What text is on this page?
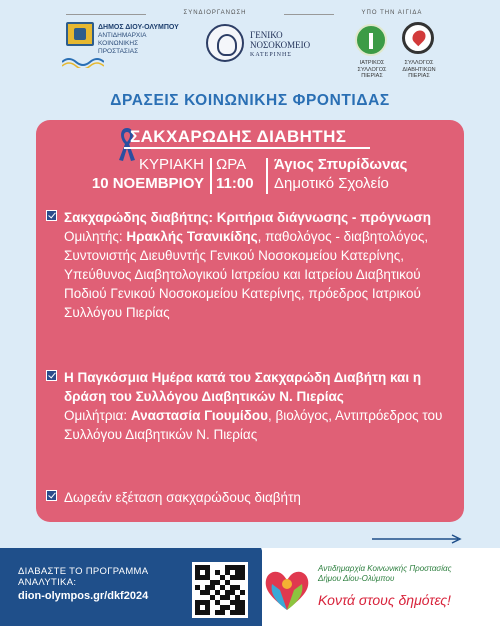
ΣΥΝΔΙΟΡΓΑΝΩΣΗ	ΥΠΟ ΤΗΝ ΑΙΓΙΔΑ
ΔΗΜΟΣ ΔΙΟΥ-ΟΛΥΜΠΟΥ
ΑΝΤΙΔΗΜΑΡΧΙΑ
ΚΟΙΝΩΝΙΚΗΣ
ΠΡΟΣΤΑΣΙΑΣ
ΓΕΝΙΚΟ
ΝΟΣΟΚΟΜΕΙΟ
ΚΑΤΕΡΙΝΗΣ
ΙΑΤΡΙΚΟΣ
ΣΥΛΛΟΓΟΣ
ΠΙΕΡΙΑΣ
ΣΥΛΛΟΓΟΣ
ΔΙΑΒΗΤΙΚΩΝ
ΠΙΕΡΙΑΣ
ΔΡΑΣΕΙΣ ΚΟΙΝΩΝΙΚΗΣ ΦΡΟΝΤΙΔΑΣ
ΣΑΚΧΑΡΩΔΗΣ ΔΙΑΒΗΤΗΣ
ΚΥΡΙΑΚΗ
10 ΝΟΕΜΒΡΙΟΥ
ΩΡΑ
11:00
Άγιος Σπυρίδωνας
Δημοτικό Σχολείο
Σακχαρώδης διαβήτης: Κριτήρια διάγνωσης - πρόγνωση
Ομιλητής: Ηρακλής Τσανικίδης, παθολόγος - διαβητολόγος, Συντονιστής Διευθυντής Γενικού Νοσοκομείου Κατερίνης, Υπεύθυνος Διαβητολογικού Ιατρείου και Ιατρείου Διαβητικού Ποδιού Γενικού Νοσοκομείου Κατερίνης, πρόεδρος Ιατρικού Συλλόγου Πιερίας
Η Παγκόσμια Ημέρα κατά του Σακχαρώδη Διαβήτη και η δράση του Συλλόγου Διαβητικών Ν. Πιερίας
Ομιλήτρια: Αναστασία Γιουμίδου, βιολόγος, Αντιπρόεδρος του Συλλόγου Διαβητικών Ν. Πιερίας
Δωρεάν εξέταση σακχαρώδους διαβήτη
ΔΙΑΒΑΣΤΕ ΤΟ ΠΡΟΓΡΑΜΜΑ
ΑΝΑΛΥΤΙΚΑ:
dion-olympos.gr/dkf2024
Αντιδημαρχία Κοινωνικής Προστασίας
Δήμου Δίου-Ολύμπου
Κοντά στους δημότες!
